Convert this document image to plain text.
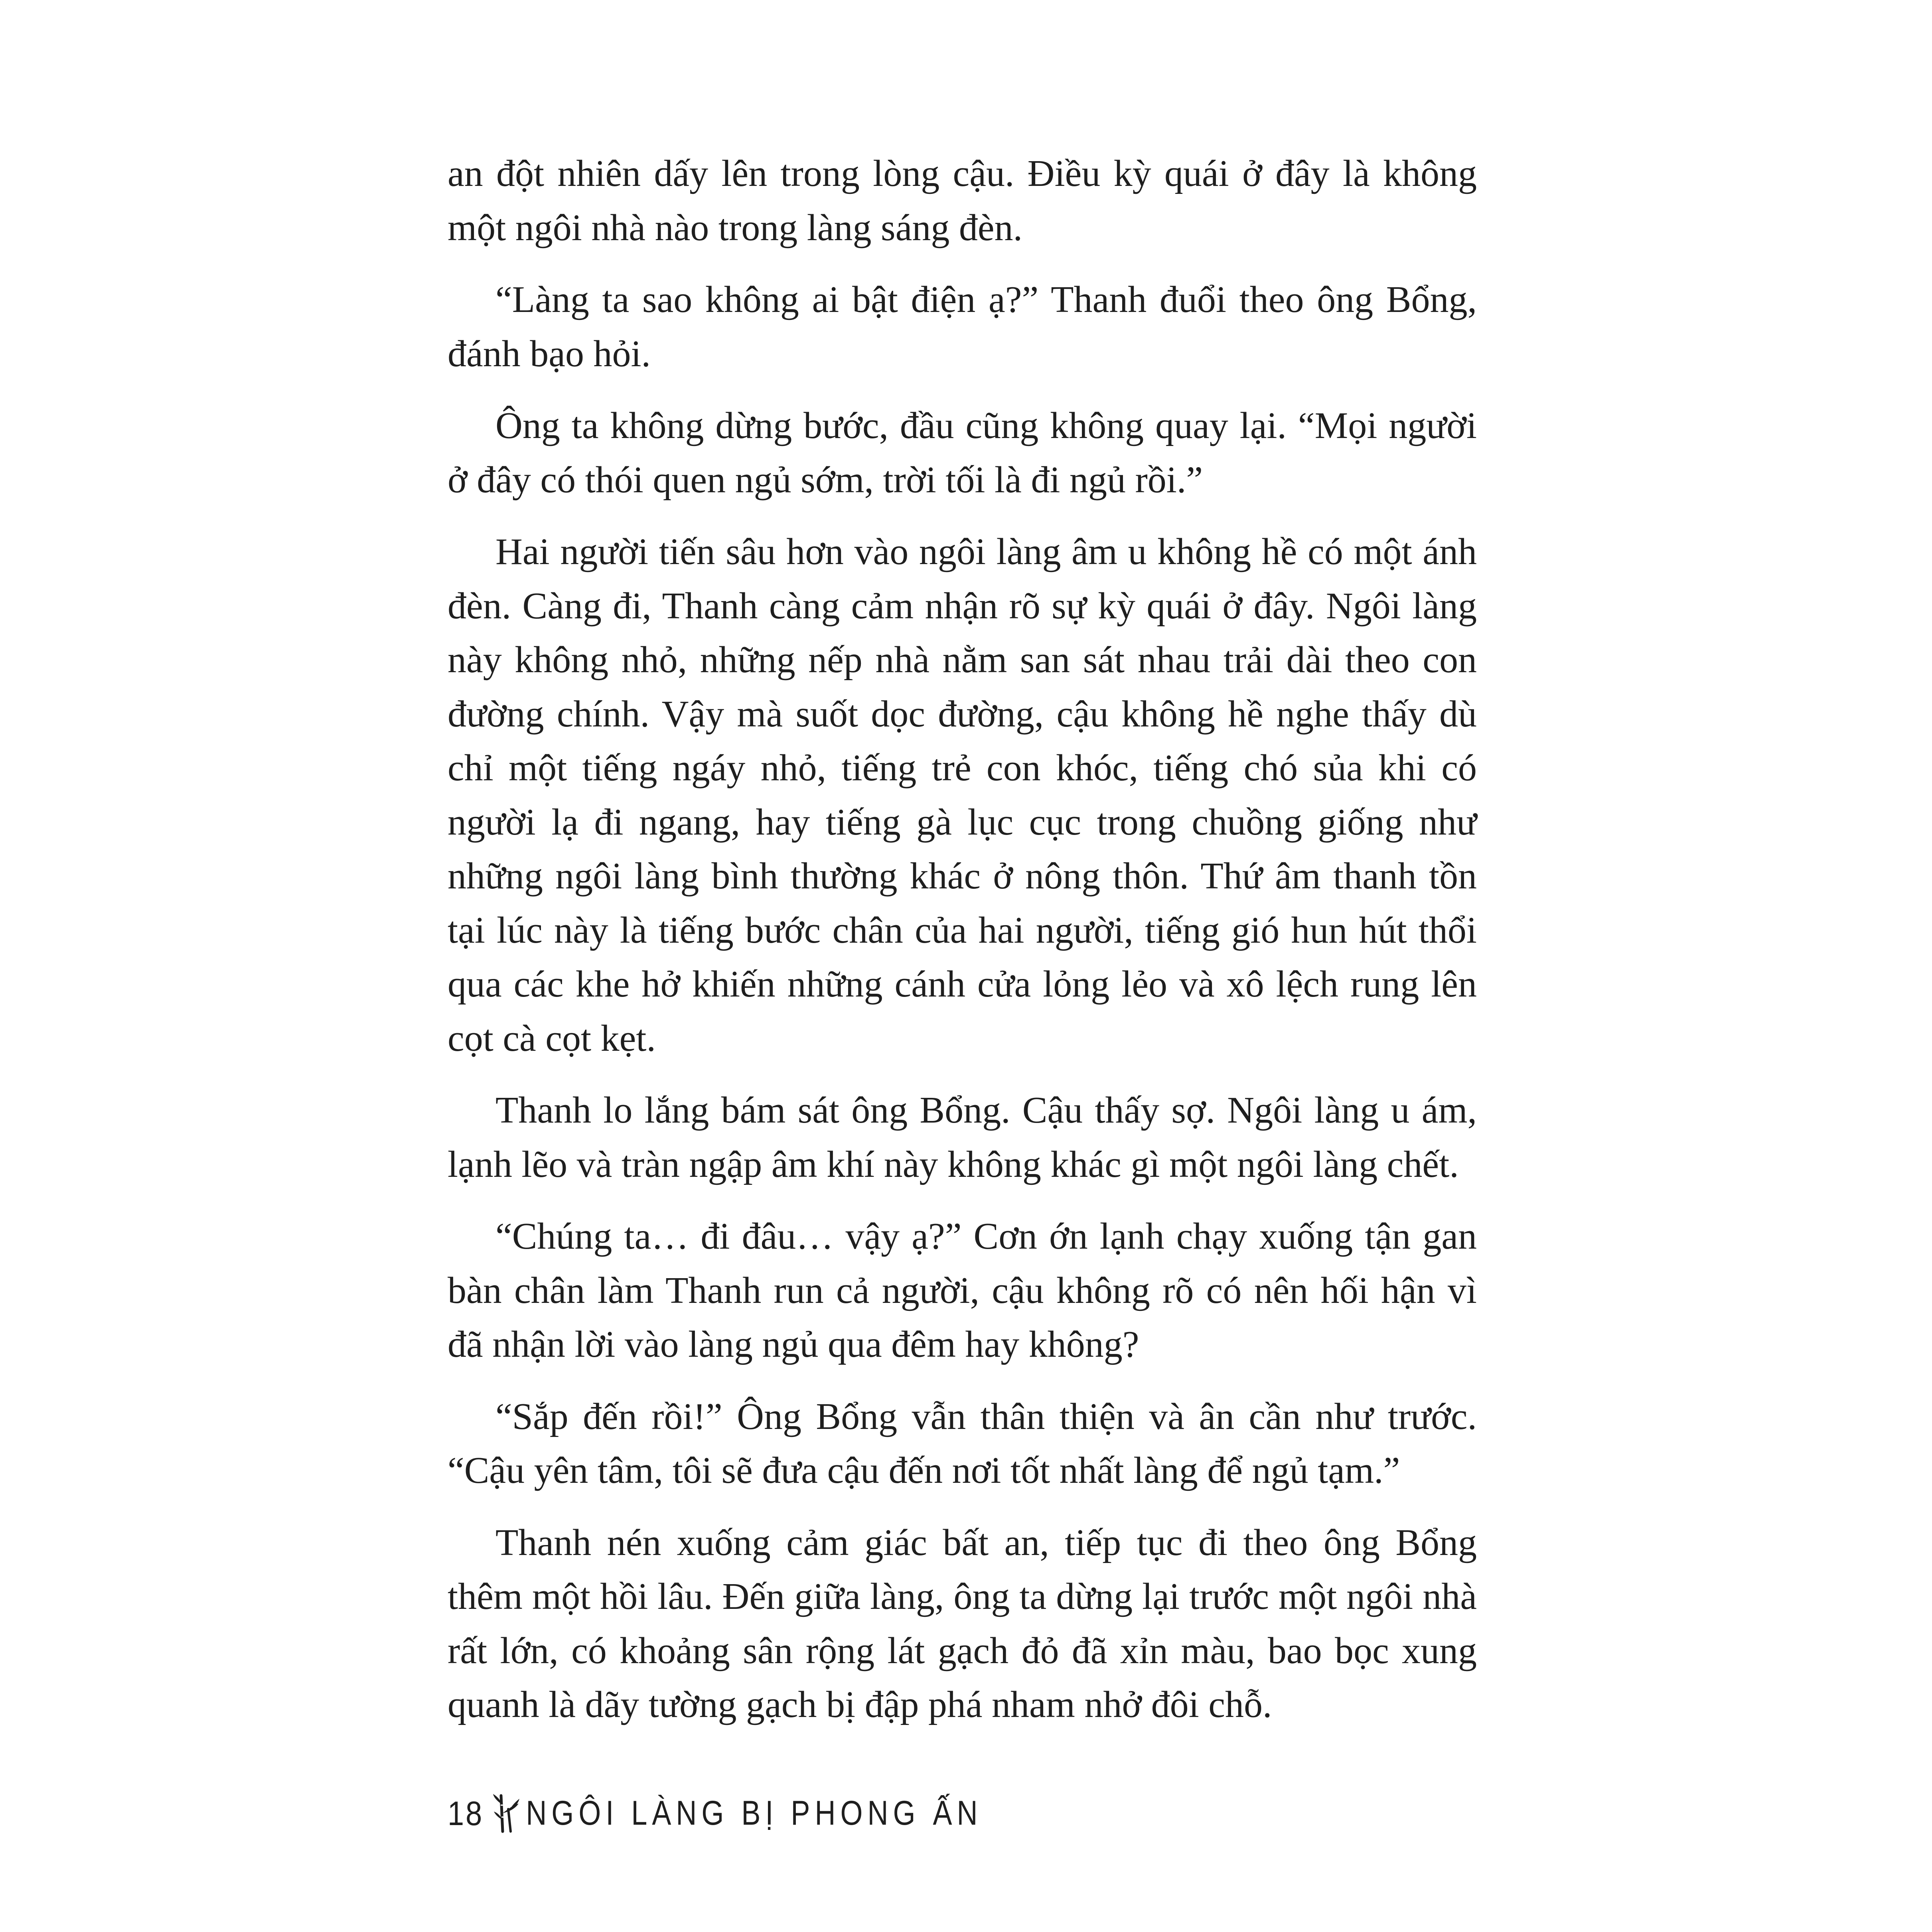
an đột nhiên dấy lên trong lòng cậu. Điều kỳ quái ở đây là không một ngôi nhà nào trong làng sáng đèn.

“Làng ta sao không ai bật điện ạ?” Thanh đuổi theo ông Bổng, đánh bạo hỏi.

Ông ta không dừng bước, đầu cũng không quay lại. “Mọi người ở đây có thói quen ngủ sớm, trời tối là đi ngủ rồi.”

Hai người tiến sâu hơn vào ngôi làng âm u không hề có một ánh đèn. Càng đi, Thanh càng cảm nhận rõ sự kỳ quái ở đây. Ngôi làng này không nhỏ, những nếp nhà nằm san sát nhau trải dài theo con đường chính. Vậy mà suốt dọc đường, cậu không hề nghe thấy dù chỉ một tiếng ngáy nhỏ, tiếng trẻ con khóc, tiếng chó sủa khi có người lạ đi ngang, hay tiếng gà lục cục trong chuồng giống như những ngôi làng bình thường khác ở nông thôn. Thứ âm thanh tồn tại lúc này là tiếng bước chân của hai người, tiếng gió hun hút thổi qua các khe hở khiến những cánh cửa lỏng lẻo và xô lệch rung lên cọt cà cọt kẹt.

Thanh lo lắng bám sát ông Bổng. Cậu thấy sợ. Ngôi làng u ám, lạnh lẽo và tràn ngập âm khí này không khác gì một ngôi làng chết.

“Chúng ta… đi đâu… vậy ạ?” Cơn ớn lạnh chạy xuống tận gan bàn chân làm Thanh run cả người, cậu không rõ có nên hối hận vì đã nhận lời vào làng ngủ qua đêm hay không?

“Sắp đến rồi!” Ông Bổng vẫn thân thiện và ân cần như trước. “Cậu yên tâm, tôi sẽ đưa cậu đến nơi tốt nhất làng để ngủ tạm.”

Thanh nén xuống cảm giác bất an, tiếp tục đi theo ông Bổng thêm một hồi lâu. Đến giữa làng, ông ta dừng lại trước một ngôi nhà rất lớn, có khoảng sân rộng lát gạch đỏ đã xỉn màu, bao bọc xung quanh là dãy tường gạch bị đập phá nham nhở đôi chỗ.

18 NGÔI LÀNG BỊ PHONG ẤN
